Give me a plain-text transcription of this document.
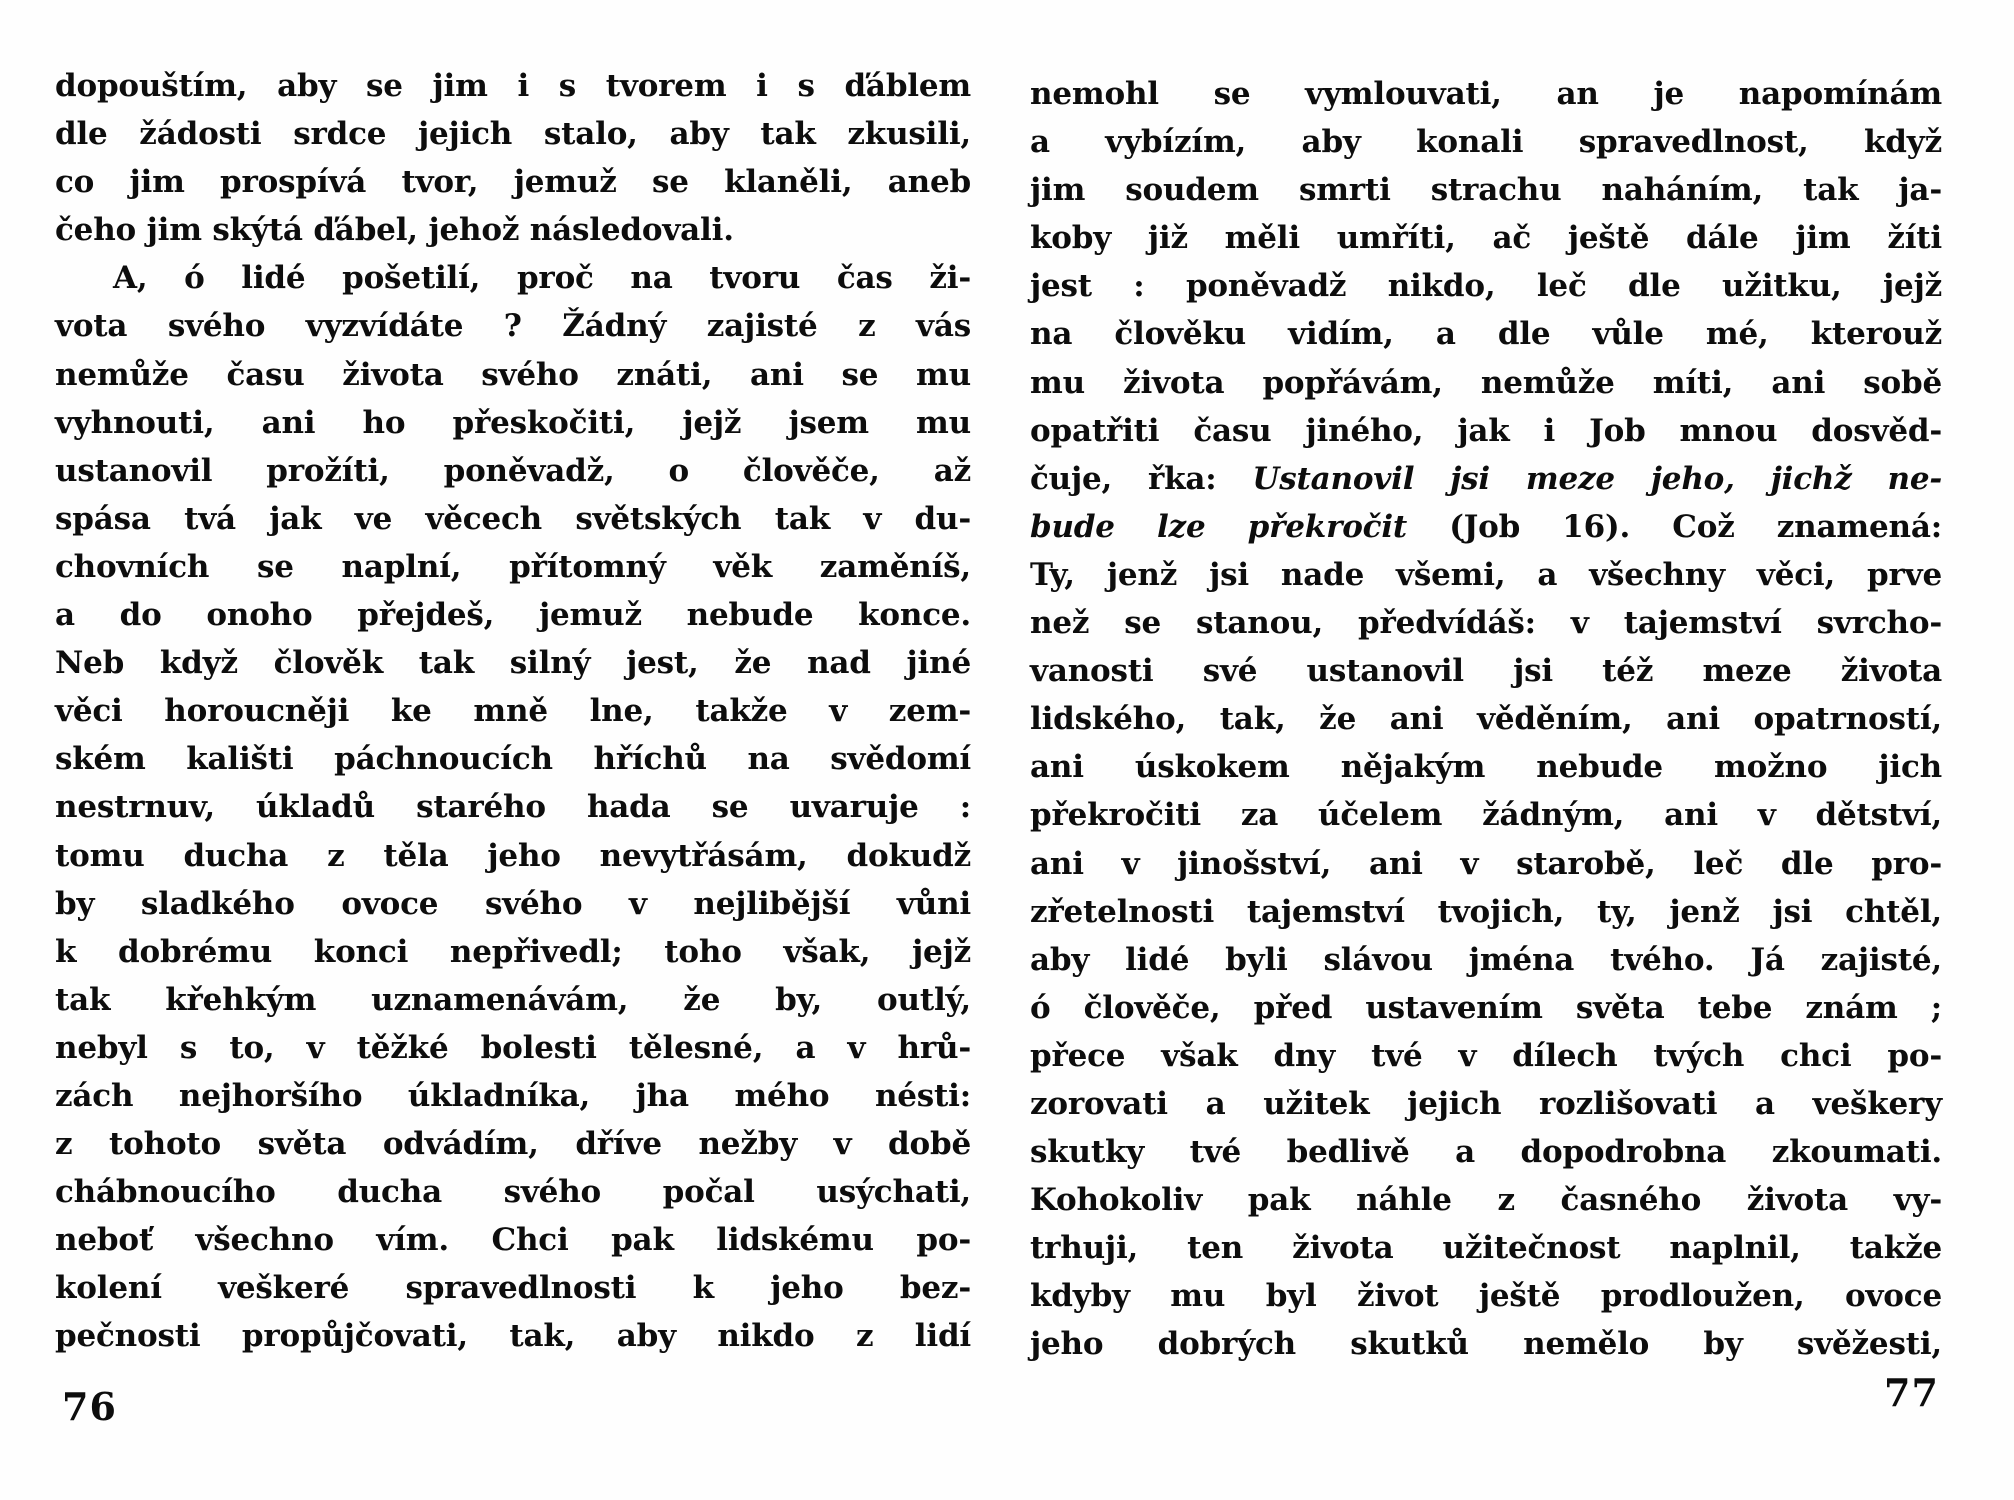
dopouštím, aby se jim i s tvorem i s ďáblem
dle žádosti srdce jejich stalo, aby tak zkusili,
co jim prospívá tvor, jemuž se klaněli, aneb
čeho jim skýtá ďábel, jehož následovali.
A, ó lidé pošetilí, proč na tvoru čas ži-
vota svého vyzvídáte ? Žádný zajisté z vás
nemůže času života svého znáti, ani se mu
vyhnouti, ani ho přeskočiti, jejž jsem mu
ustanovil prožíti, poněvadž, o člověče, až
spása tvá jak ve věcech světských tak v du-
chovních se naplní, přítomný věk zaměníš,
a do onoho přejdeš, jemuž nebude konce.
Neb když člověk tak silný jest, že nad jiné
věci horoucněji ke mně lne, takže v zem-
ském kališti páchnoucích hříchů na svědomí
nestrnuv, úkladů starého hada se uvaruje :
tomu ducha z těla jeho nevytřásám, dokudž
by sladkého ovoce svého v nejlibější vůni
k dobrému konci nepřivedl; toho však, jejž
tak křehkým uznamenávám, že by, outlý,
nebyl s to, v těžké bolesti tělesné, a v hrů-
zách nejhoršího úkladníka, jha mého nésti:
z tohoto světa odvádím, dříve nežby v době
chábnoucího ducha svého počal usýchati,
neboť všechno vím. Chci pak lidskému po-
kolení veškeré spravedlnosti k jeho bez-
pečnosti propůjčovati, tak, aby nikdo z lidí
76
nemohl se vymlouvati, an je napomínám
a vybízím, aby konali spravedlnost, když
jim soudem smrti strachu naháním, tak ja-
koby již měli umříti, ač ještě dále jim žíti
jest : poněvadž nikdo, leč dle užitku, jejž
na člověku vidím, a dle vůle mé, kterouž
mu života popřávám, nemůže míti, ani sobě
opatřiti času jiného, jak i Job mnou dosvěd-
čuje, řka: Ustanovil jsi meze jeho, jichž ne-
bude lze překročit (Job 16). Což znamená:
Ty, jenž jsi nade všemi, a všechny věci, prve
než se stanou, předvídáš: v tajemství svrcho-
vanosti své ustanovil jsi též meze života
lidského, tak, že ani věděním, ani opatrností,
ani úskokem nějakým nebude možno jich
překročiti za účelem žádným, ani v dětství,
ani v jinošství, ani v starobě, leč dle pro-
zřetelnosti tajemství tvojich, ty, jenž jsi chtěl,
aby lidé byli slávou jména tvého. Já zajisté,
ó člověče, před ustavením světa tebe znám ;
přece však dny tvé v dílech tvých chci po-
zorovati a užitek jejich rozlišovati a veškery
skutky tvé bedlivě a dopodrobna zkoumati.
Kohokoliv pak náhle z časného života vy-
trhuji, ten života užitečnost naplnil, takže
kdyby mu byl život ještě prodloužen, ovoce
jeho dobrých skutků nemělo by svěžesti,
77
